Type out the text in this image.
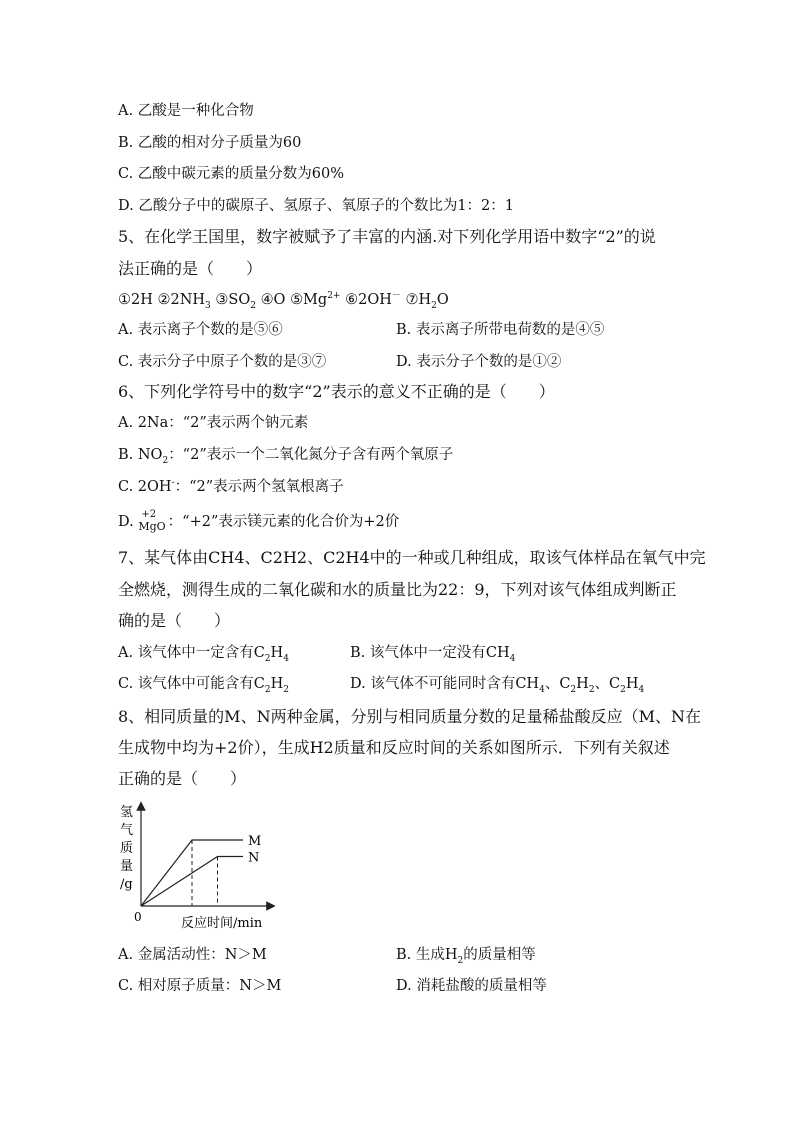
A. 乙酸是一种化合物
B. 乙酸的相对分子质量为60
C. 乙酸中碳元素的质量分数为60%
D. 乙酸分子中的碳原子、氢原子、氧原子的个数比为1：2：1
5、在化学王国里，数字被赋予了丰富的内涵.对下列化学用语中数字“2”的说
法正确的是（　　）
①2H $②2NH_3$ $③SO_2$ ④O $⑤Mg^{2+}$ ⑥2OH－ $⑦H_2O$
A. 表示离子个数的是⑤⑥	B. 表示离子所带电荷数的是④⑤
C. 表示分子中原子个数的是③⑦	D. 表示分子个数的是①②
6、下列化学符号中的数字“2”表示的意义不正确的是（　　）
A. 2Na：“2”表示两个钠元素
B. $NO_2$：“2”表示一个二氧化氮分子含有两个氧原子
C. 2OH-：“2”表示两个氢氧根离子
D. +2
MgO ：“+2”表示镁元素的化合价为+2价
7、某气体由CH4、C2H2、C2H4中的一种或几种组成，取该气体样品在氧气中完
全燃烧，测得生成的二氧化碳和水的质量比为22：9，下列对该气体组成判断正
确的是（　　）
A. 该气体中一定含有$C_2H_4$	B. 该气体中一定没有$CH_4$
C. 该气体中可能含有$C_2H_2$	D. 该气体不可能同时含有$CH_4$、$C_2H_2$、$C_2H_4$
8、相同质量的M、N两种金属，分别与相同质量分数的足量稀盐酸反应（M、N在
生成物中均为+2价），生成H2质量和反应时间的关系如图所示．下列有关叙述
正确的是（　　）
氢
气
质
量
/g
0	反应时间/min
M
N
A. 金属活动性：N＞M	B. 生成$H_2$的质量相等
C. 相对原子质量：N＞M	D. 消耗盐酸的质量相等
